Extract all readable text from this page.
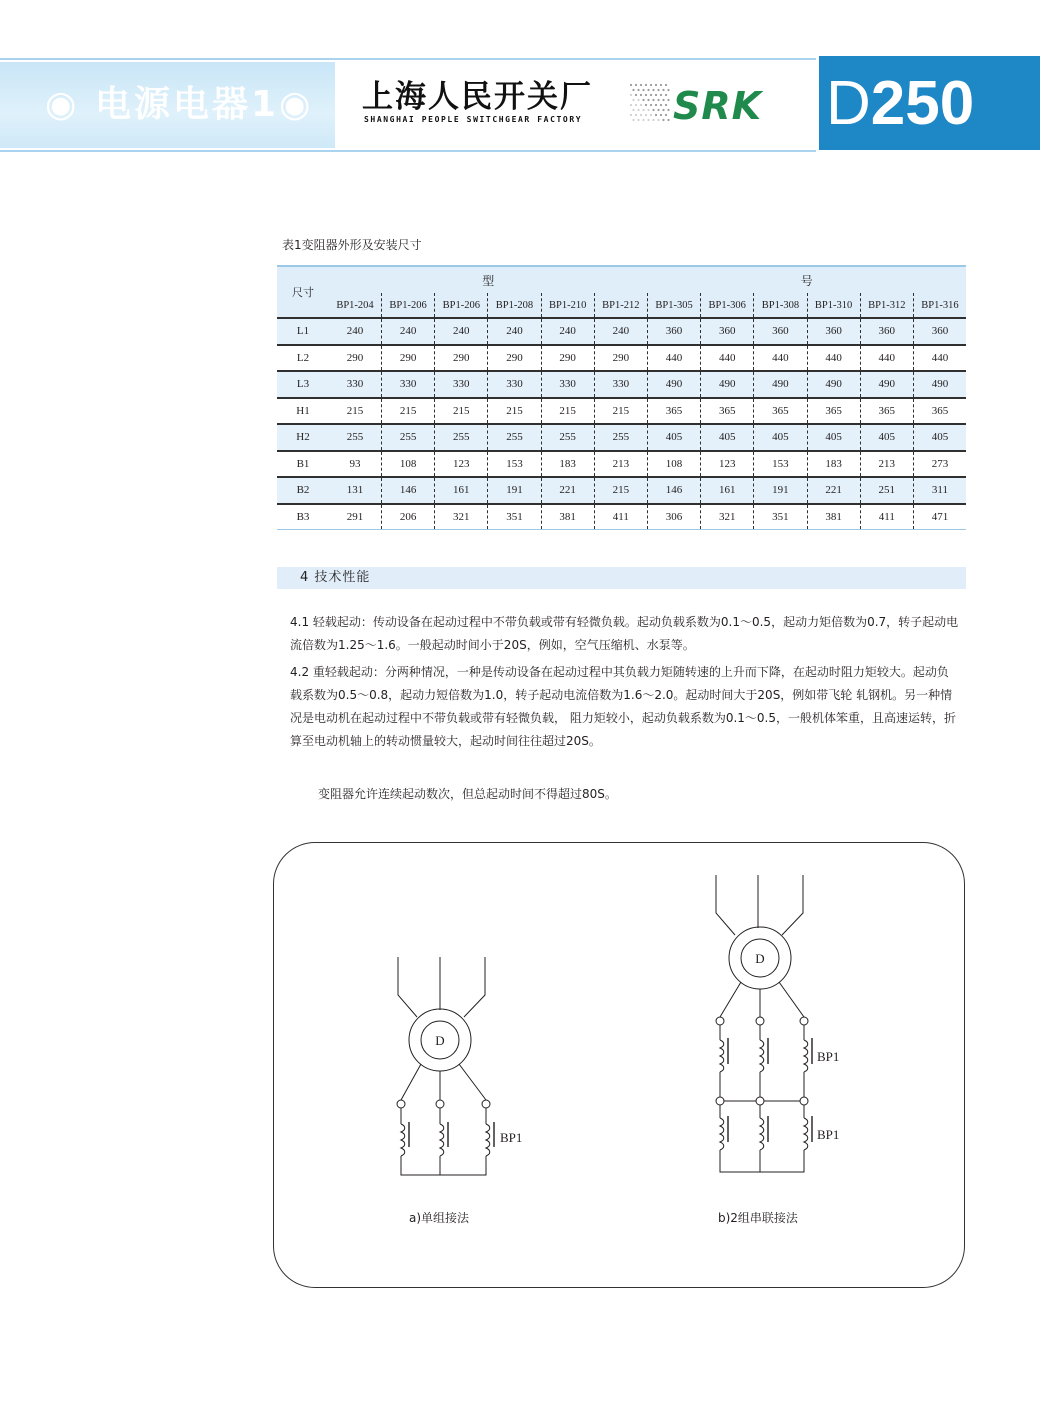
◉ 电源电器1◉	上海人民开关厂
SHANGHAI PEOPLE SWITCHGEAR FACTORY	SRK	D250
表1变阻器外形及安装尺寸
尺寸	型 号											
	BP1-204	BP1-206	BP1-206	BP1-208	BP1-210	BP1-212	BP1-305	BP1-306	BP1-308	BP1-310	BP1-312	BP1-316
L1	240	240	240	240	240	240	360	360	360	360	360	360
L2	290	290	290	290	290	290	440	440	440	440	440	440
L3	330	330	330	330	330	330	490	490	490	490	490	490
H1	215	215	215	215	215	215	365	365	365	365	365	365
H2	255	255	255	255	255	255	405	405	405	405	405	405
B1	93	108	123	153	183	213	108	123	153	183	213	273
B2	131	146	161	191	221	215	146	161	191	221	251	311
B3	291	206	321	351	381	411	306	321	351	381	411	471
4 技术性能
4.1 轻载起动：传动设备在起动过程中不带负载或带有轻微负载。起动负载系数为0.1～0.5，起动力矩倍数为0.7，转子起动电流倍数为1.25～1.6。一般起动时间小于20S，例如，空气压缩机、水泵等。
4.2 重轻载起动：分两种情况，一种是传动设备在起动过程中其负载力矩随转速的上升而下降，在起动时阻力矩较大。起动负载系数为0.5～0.8，起动力短倍数为1.0，转子起动电流倍数为1.6～2.0。起动时间大于20S，例如带飞轮 轧钢机。另一种情况是电动机在起动过程中不带负载或带有轻微负载， 阻力矩较小，起动负载系数为0.1～0.5，一般机体笨重，且高速运转，折算至电动机轴上的转动惯量较大，起动时间往往超过20S。
变阻器允许连续起动数次，但总起动时间不得超过80S。
D
BP1
D
BP1
BP1
a)单组接法	b)2组串联接法
